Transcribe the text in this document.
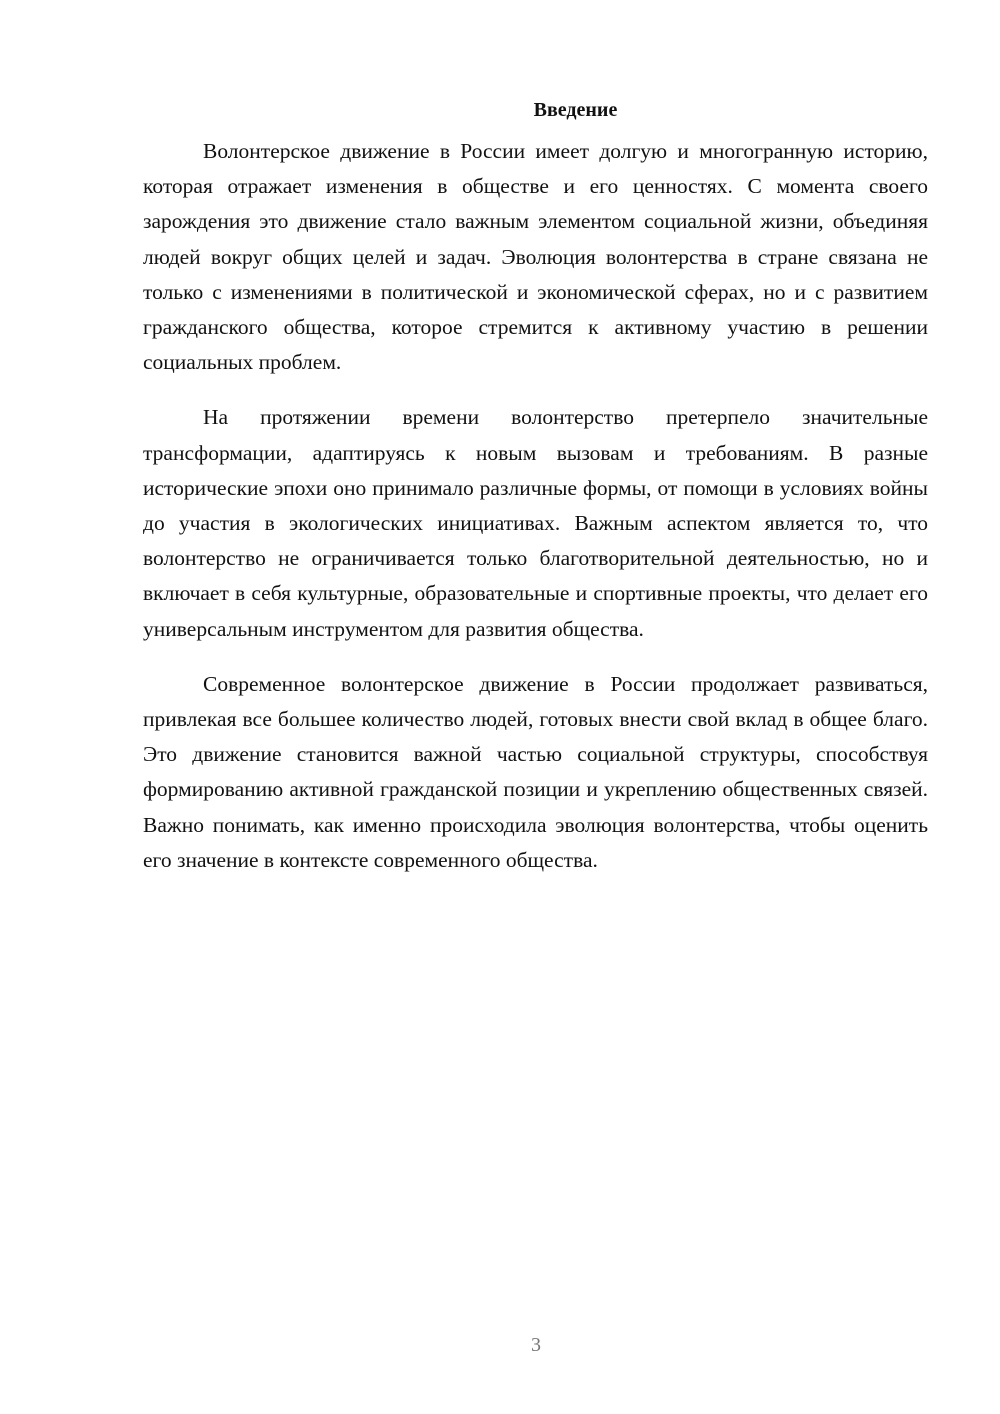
Введение

Волонтерское движение в России имеет долгую и многогранную историю, которая отражает изменения в обществе и его ценностях. С момента своего зарождения это движение стало важным элементом социальной жизни, объединяя людей вокруг общих целей и задач. Эволюция волонтерства в стране связана не только с изменениями в политической и экономической сферах, но и с развитием гражданского общества, которое стремится к активному участию в решении социальных проблем.

На протяжении времени волонтерство претерпело значительные трансформации, адаптируясь к новым вызовам и требованиям. В разные исторические эпохи оно принимало различные формы, от помощи в условиях войны до участия в экологических инициативах. Важным аспектом является то, что волонтерство не ограничивается только благотворительной деятельностью, но и включает в себя культурные, образовательные и спортивные проекты, что делает его универсальным инструментом для развития общества.

Современное волонтерское движение в России продолжает развиваться, привлекая все большее количество людей, готовых внести свой вклад в общее благо. Это движение становится важной частью социальной структуры, способствуя формированию активной гражданской позиции и укреплению общественных связей. Важно понимать, как именно происходила эволюция волонтерства, чтобы оценить его значение в контексте современного общества.

3
